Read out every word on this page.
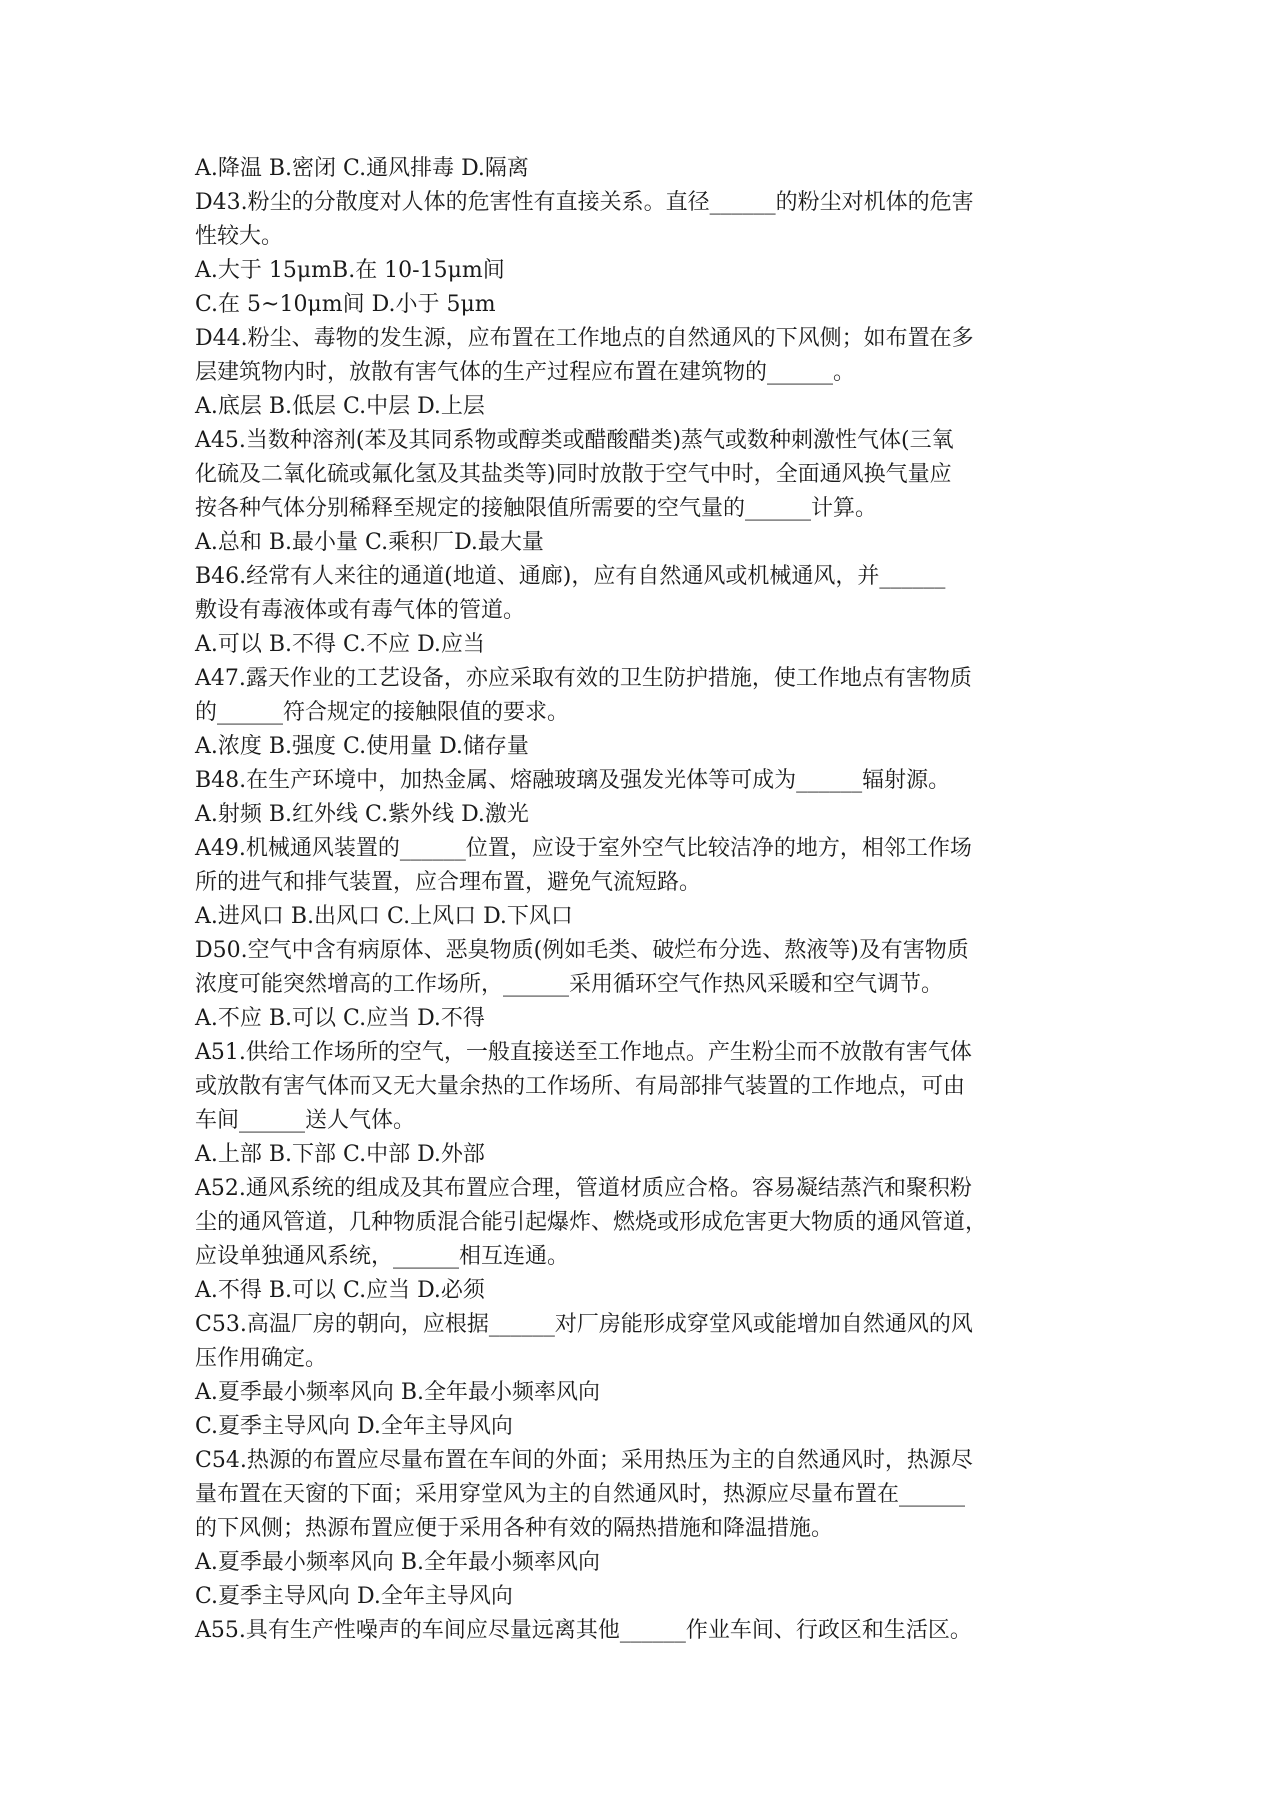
A.降温 B.密闭 C.通风排毒 D.隔离
D43.粉尘的分散度对人体的危害性有直接关系。直径______的粉尘对机体的危害
性较大。
A.大于 15μmB.在 10-15μm间
C.在 5~10μm间 D.小于 5μm
D44.粉尘、毒物的发生源，应布置在工作地点的自然通风的下风侧；如布置在多
层建筑物内时，放散有害气体的生产过程应布置在建筑物的______。
A.底层 B.低层 C.中层 D.上层
A45.当数种溶剂(苯及其同系物或醇类或醋酸醋类)蒸气或数种刺激性气体(三氧
化硫及二氧化硫或氟化氢及其盐类等)同时放散于空气中时，全面通风换气量应
按各种气体分别稀释至规定的接触限值所需要的空气量的______计算。
A.总和 B.最小量 C.乘积厂D.最大量
B46.经常有人来往的通道(地道、通廊)，应有自然通风或机械通风，并______
敷设有毒液体或有毒气体的管道。
A.可以 B.不得 C.不应 D.应当
A47.露天作业的工艺设备，亦应采取有效的卫生防护措施，使工作地点有害物质
的______符合规定的接触限值的要求。
A.浓度 B.强度 C.使用量 D.储存量
B48.在生产环境中，加热金属、熔融玻璃及强发光体等可成为______辐射源。
A.射频 B.红外线 C.紫外线 D.激光
A49.机械通风装置的______位置，应设于室外空气比较洁净的地方，相邻工作场
所的进气和排气装置，应合理布置，避免气流短路。
A.进风口 B.出风口 C.上风口 D.下风口
D50.空气中含有病原体、恶臭物质(例如毛类、破烂布分选、熬液等)及有害物质
浓度可能突然增高的工作场所，______采用循环空气作热风采暖和空气调节。
A.不应 B.可以 C.应当 D.不得
A51.供给工作场所的空气，一般直接送至工作地点。产生粉尘而不放散有害气体
或放散有害气体而又无大量余热的工作场所、有局部排气装置的工作地点，可由
车间______送人气体。
A.上部 B.下部 C.中部 D.外部
A52.通风系统的组成及其布置应合理，管道材质应合格。容易凝结蒸汽和聚积粉
尘的通风管道，几种物质混合能引起爆炸、燃烧或形成危害更大物质的通风管道，
应设单独通风系统，______相互连通。
A.不得 B.可以 C.应当 D.必须
C53.高温厂房的朝向，应根据______对厂房能形成穿堂风或能增加自然通风的风
压作用确定。
A.夏季最小频率风向 B.全年最小频率风向
C.夏季主导风向 D.全年主导风向
C54.热源的布置应尽量布置在车间的外面；采用热压为主的自然通风时，热源尽
量布置在天窗的下面；采用穿堂风为主的自然通风时，热源应尽量布置在______
的下风侧；热源布置应便于采用各种有效的隔热措施和降温措施。
A.夏季最小频率风向 B.全年最小频率风向
C.夏季主导风向 D.全年主导风向
A55.具有生产性噪声的车间应尽量远离其他______作业车间、行政区和生活区。
